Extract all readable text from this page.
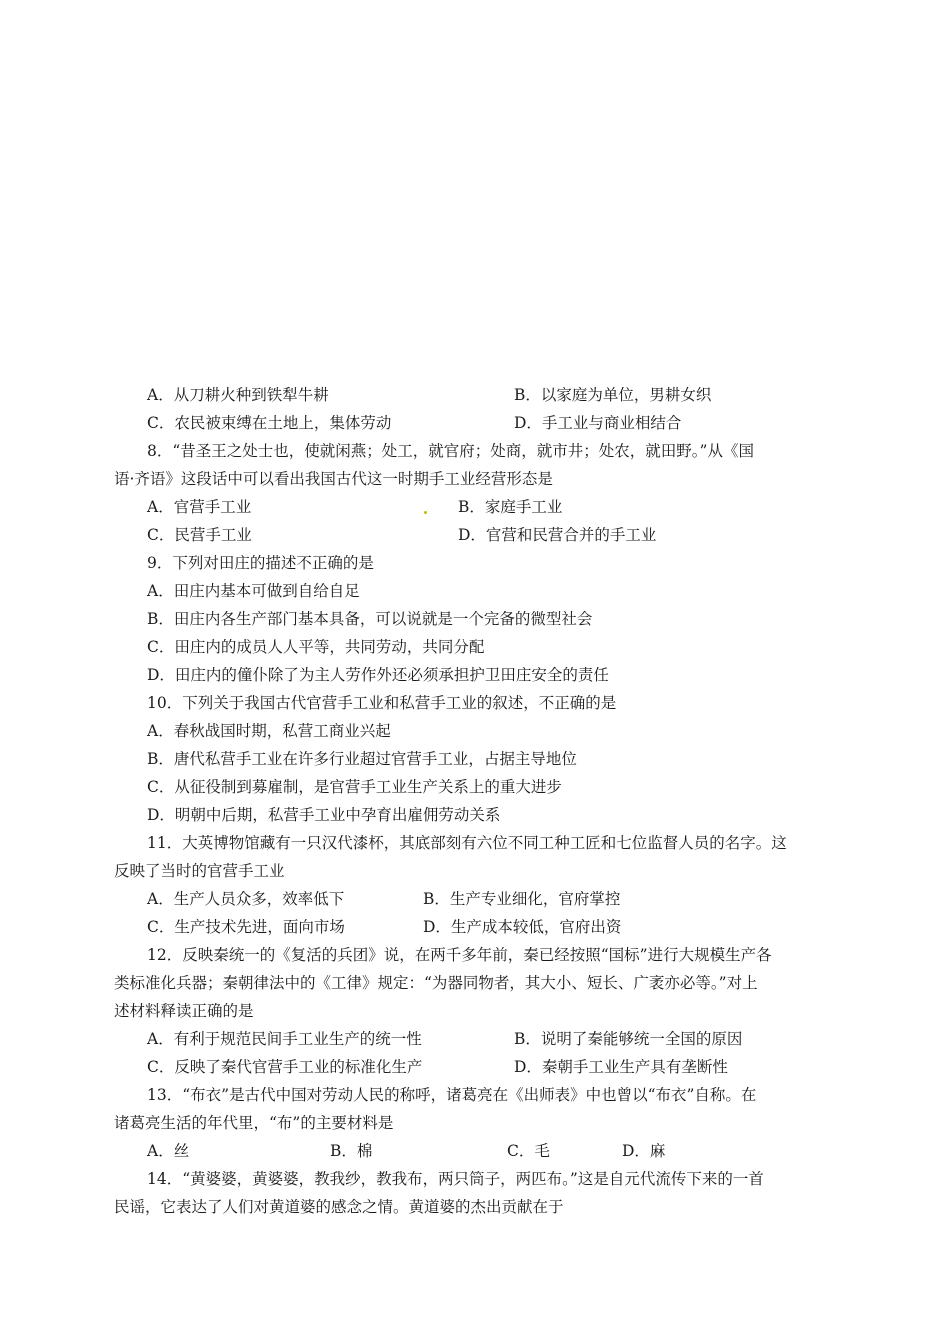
A．从刀耕火种到铁犁牛耕	B．以家庭为单位，男耕女织
C．农民被束缚在土地上，集体劳动	D．手工业与商业相结合
8．“昔圣王之处士也，使就闲燕；处工，就官府；处商，就市井；处农，就田野。”从《国
语·齐语》这段话中可以看出我国古代这一时期手工业经营形态是
A．官营手工业	B．家庭手工业
C．民营手工业	D．官营和民营合并的手工业
9．下列对田庄的描述不正确的是
A．田庄内基本可做到自给自足
B．田庄内各生产部门基本具备，可以说就是一个完备的微型社会
C．田庄内的成员人人平等，共同劳动，共同分配
D．田庄内的僮仆除了为主人劳作外还必须承担护卫田庄安全的责任
10．下列关于我国古代官营手工业和私营手工业的叙述，不正确的是
A．春秋战国时期，私营工商业兴起
B．唐代私营手工业在许多行业超过官营手工业，占据主导地位
C．从征役制到募雇制，是官营手工业生产关系上的重大进步
D．明朝中后期，私营手工业中孕育出雇佣劳动关系
11．大英博物馆藏有一只汉代漆杯，其底部刻有六位不同工种工匠和七位监督人员的名字。这
反映了当时的官营手工业
A．生产人员众多，效率低下	B．生产专业细化，官府掌控
C．生产技术先进，面向市场	D．生产成本较低，官府出资
12．反映秦统一的《复活的兵团》说，在两千多年前，秦已经按照“国标”进行大规模生产各
类标准化兵器；秦朝律法中的《工律》规定：“为器同物者，其大小、短长、广袤亦必等。”对上
述材料释读正确的是
A．有利于规范民间手工业生产的统一性	B．说明了秦能够统一全国的原因
C．反映了秦代官营手工业的标准化生产	D．秦朝手工业生产具有垄断性
13．“布衣”是古代中国对劳动人民的称呼，诸葛亮在《出师表》中也曾以“布衣”自称。在
诸葛亮生活的年代里，“布”的主要材料是
A．丝	B．棉	C．毛	D．麻
14．“黄婆婆，黄婆婆，教我纱，教我布，两只筒子，两匹布。”这是自元代流传下来的一首
民谣，它表达了人们对黄道婆的感念之情。黄道婆的杰出贡献在于
